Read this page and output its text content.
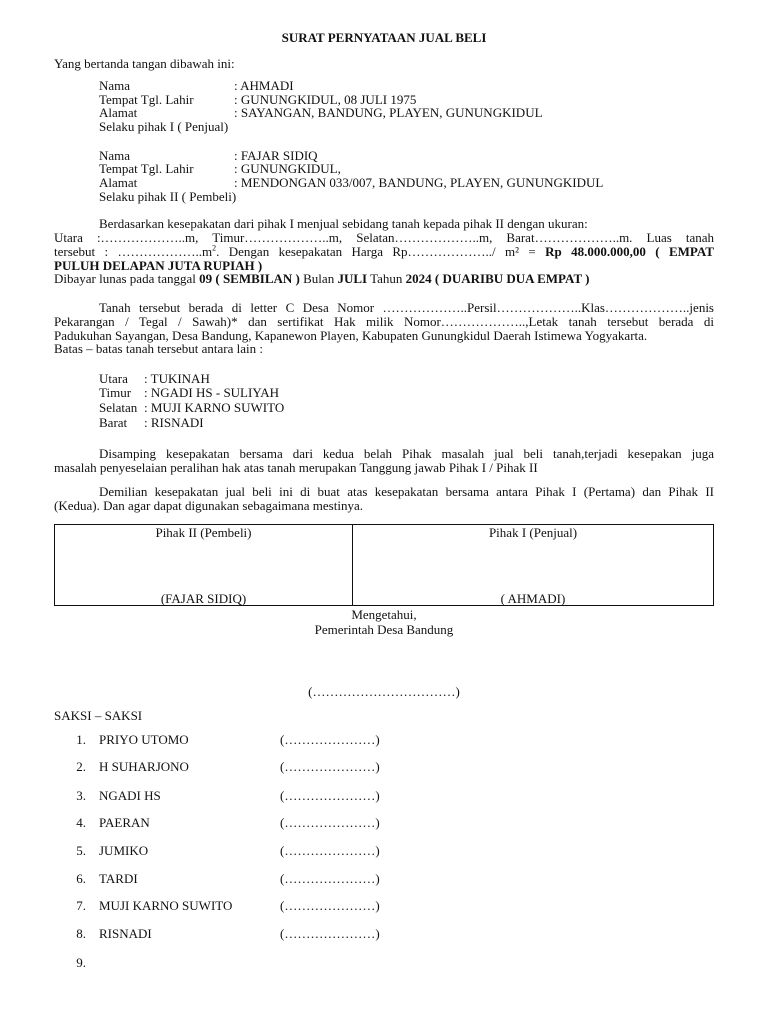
SURAT PERNYATAAN JUAL BELI
Yang bertanda tangan dibawah ini:
Nama	: AHMADI
Tempat Tgl. Lahir	: GUNUNGKIDUL, 08 JULI 1975
Alamat	: SAYANGAN, BANDUNG, PLAYEN, GUNUNGKIDUL
Selaku pihak I ( Penjual)
Nama	: FAJAR SIDIQ
Tempat Tgl. Lahir	: GUNUNGKIDUL,
Alamat	: MENDONGAN 033/007, BANDUNG, PLAYEN, GUNUNGKIDUL
Selaku pihak II ( Pembeli)
Berdasarkan kesepakatan dari pihak I menjual sebidang tanah kepada pihak II dengan ukuran:
Utara :………………..m, Timur………………..m, Selatan………………..m, Barat………………..m. Luas tanah
tersebut : $\dots\dots\dots\dots\dots\dots..m^2$. Dengan kesepakatan Harga Rp………………../ m² = Rp 48.000.000,00 ( EMPAT
PULUH DELAPAN JUTA RUPIAH )
Dibayar lunas pada tanggal 09 ( SEMBILAN ) Bulan JULI Tahun 2024 ( DUARIBU DUA EMPAT )
Tanah tersebut berada di letter C Desa Nomor ………………..Persil………………..Klas………………..jenis
Pekarangan / Tegal / Sawah)* dan sertifikat Hak milik Nomor………………..,Letak tanah tersebut berada di
Padukuhan Sayangan, Desa Bandung, Kapanewon Playen, Kabupaten Gunungkidul Daerah Istimewa Yogyakarta.
Batas – batas tanah tersebut antara lain :
Utara : TUKINAH
Timur : NGADI HS - SULIYAH
Selatan : MUJI KARNO SUWITO
Barat : RISNADI
Disamping kesepakatan bersama dari kedua belah Pihak masalah jual beli tanah,terjadi kesepakan juga
masalah penyeselaian peralihan hak atas tanah merupakan Tanggung jawab Pihak I / Pihak II
Demilian kesepakatan jual beli ini di buat atas kesepakatan bersama antara Pihak I (Pertama) dan Pihak II
(Kedua). Dan agar dapat digunakan sebagaimana mestinya.
Pihak II (Pembeli)
(FAJAR SIDIQ)
Pihak I (Penjual)
( AHMADI)
Mengetahui,
Pemerintah Desa Bandung
(……………………………)
SAKSI – SAKSI
1. PRIYO UTOMO	(…………………)
2. H SUHARJONO	(…………………)
3. NGADI HS	(…………………)
4. PAERAN	(…………………)
5. JUMIKO	(…………………)
6. TARDI	(…………………)
7. MUJI KARNO SUWITO	(…………………)
8. RISNADI	(…………………)
9.
